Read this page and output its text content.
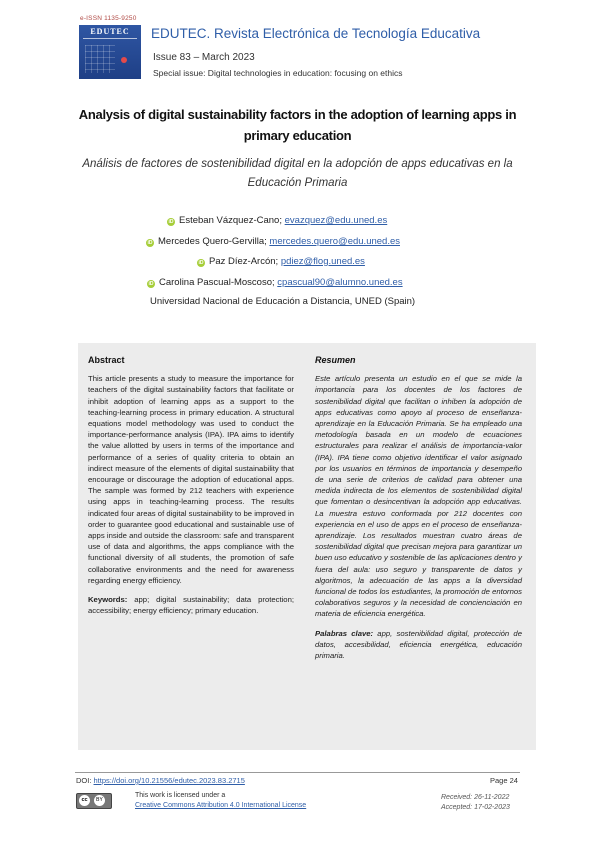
e-ISSN 1135-9250
EDUTEC	EDUTEC. Revista Electrónica de Tecnología Educativa
Issue 83 – March 2023
Special issue: Digital technologies in education: focusing on ethics
Analysis of digital sustainability factors in the adoption of learning apps in primary education
Análisis de factores de sostenibilidad digital en la adopción de apps educativas en la Educación Primaria
iD Esteban Vázquez-Cano; evazquez@edu.uned.es
iD Mercedes Quero-Gervilla; mercedes.quero@edu.uned.es
iD Paz Díez-Arcón; pdiez@flog.uned.es
iD Carolina Pascual-Moscoso; cpascual90@alumno.uned.es
Universidad Nacional de Educación a Distancia, UNED (Spain)
Abstract

This article presents a study to measure the importance for teachers of the digital sustainability factors that facilitate or inhibit adoption of learning apps as a support to the teaching-learning process in primary education. A structural equations model methodology was used to conduct the importance-performance analysis (IPA). IPA aims to identify the value allotted by users in terms of the importance and performance of a series of quality criteria to obtain an indirect measure of the elements of digital sustainability that encourage or discourage the adoption of educational apps. The sample was formed by 212 teachers with experience using apps in teaching-learning process. The results indicated four areas of digital sustainability to be improved in order to guarantee good educational and sustainable use of apps inside and outside the classroom: safe and transparent use of data and algorithms, the apps compliance with the functional diversity of all students, the promotion of safe collaborative environments and the need for awareness regarding energy efficiency.

Keywords: app; digital sustainability; data protection; accessibility; energy efficiency; primary education.

Resumen

Este artículo presenta un estudio en el que se mide la importancia para los docentes de los factores de sostenibilidad digital que facilitan o inhiben la adopción de apps educativas como apoyo al proceso de enseñanza-aprendizaje en la Educación Primaria. Se ha empleado una metodología basada en un modelo de ecuaciones estructurales para realizar el análisis de importancia-valor (IPA). IPA tiene como objetivo identificar el valor asignado por los usuarios en términos de importancia y desempeño de una serie de criterios de calidad para obtener una medida indirecta de los elementos de sostenibilidad digital que fomentan o desincentivan la adopción app educativas. La muestra estuvo conformada por 212 docentes con experiencia en el uso de apps en el proceso de enseñanza-aprendizaje. Los resultados muestran cuatro áreas de sostenibilidad digital que precisan mejora para garantizar un buen uso educativo y sostenible de las aplicaciones dentro y fuera del aula: uso seguro y transparente de datos y algoritmos, la adecuación de las apps a la diversidad funcional de todos los estudiantes, la promoción de entornos colaborativos seguros y la necesidad de concienciación en materia de eficiencia energética.

Palabras clave: app, sostenibilidad digital, protección de datos, accesibilidad, eficiencia energética, educación primaria.

DOI: https://doi.org/10.21556/edutec.2023.83.2715	Page 24
cc	BY
This work is licensed under a
Creative Commons Attribution 4.0 International License
Received: 26-11-2022
Accepted: 17-02-2023
